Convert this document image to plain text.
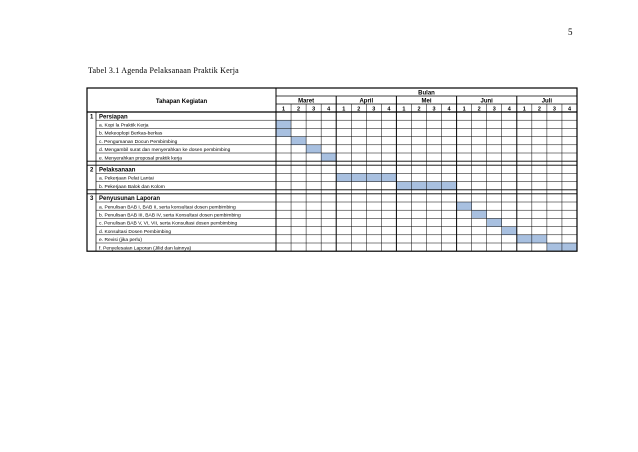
5
Tabel 3.1 Agenda Pelaksanaan Praktik Kerja
Bulan
Tahapan Kegiatan	Maret
1 2 3 4
April
1 2 3 4
Mei
1 2 3 4
Juni
1 2 3 4
Juli
1 2 3 4
1 Persiapan
a. Kopi la Praktik Kerja
b. Mekeoplopi Berkas-berkas
c. Pengumanan Docun Pembimbing
d. Mengambil surat dan menyerahkan ke dosen pembimbing
e. Menyerahkan proposal praktik kerja
2 Pelaksanaan
a. Pekerjaan Pelat Lantai
b. Pekerjaan Balok dan Kolom
3 Penyusunan Laporan
a. Penulisan BAB I, BAB II, serta konsultasi dosen pembimbing
b. Penulisan BAB III, BAB IV, serta Konsultasi dosen pembimbing
c. Penulisan BAB V, VI, VII, serta Konsultasi dosen pembimbing
d. Konsultasi Dosen Pembimbing
e. Revisi (jika perlu)
f. Penyelesaian Laporan (Jilid dan lainnya)
